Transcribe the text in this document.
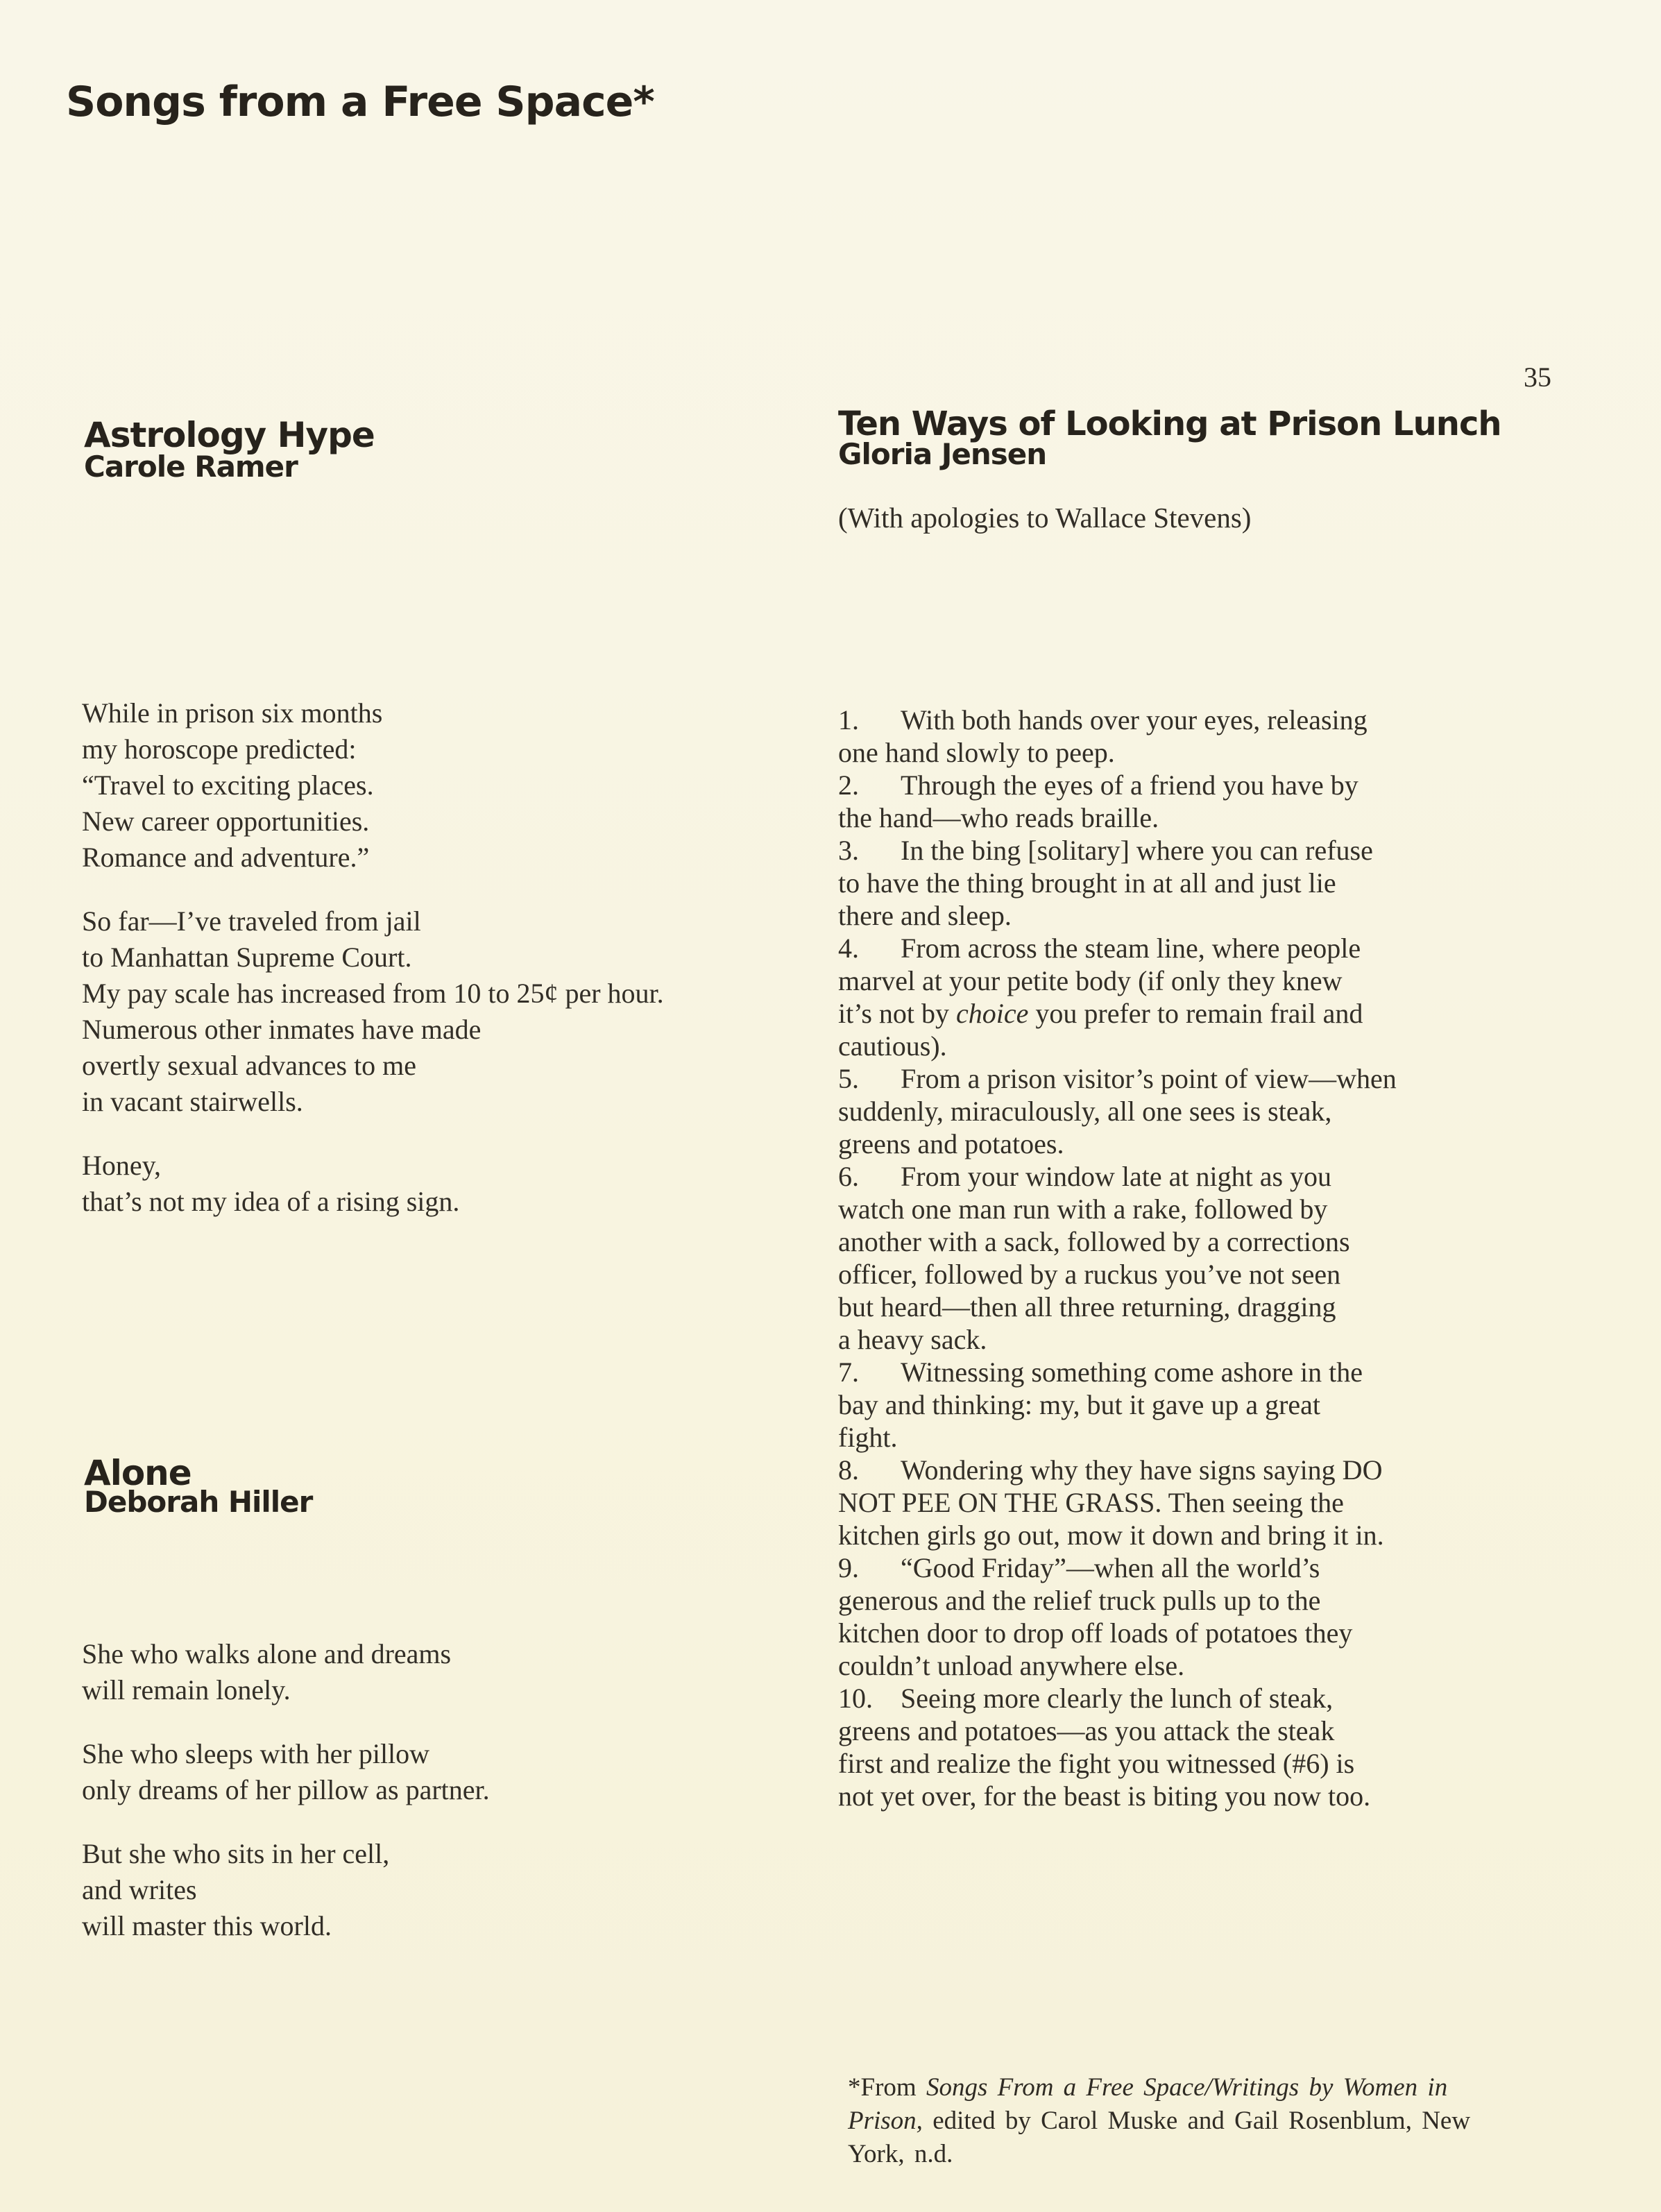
Songs from a Free Space*
35
Astrology Hype
Carole Ramer
While in prison six months
my horoscope predicted:
“Travel to exciting places.
New career opportunities.
Romance and adventure.”
So far—I’ve traveled from jail
to Manhattan Supreme Court.
My pay scale has increased from 10 to 25¢ per hour.
Numerous other inmates have made
overtly sexual advances to me
in vacant stairwells.
Honey,
that’s not my idea of a rising sign.
Alone
Deborah Hiller
She who walks alone and dreams
will remain lonely.
She who sleeps with her pillow
only dreams of her pillow as partner.
But she who sits in her cell,
and writes
will master this world.
Ten Ways of Looking at Prison Lunch
Gloria Jensen
(With apologies to Wallace Stevens)
1.  With both hands over your eyes, releasing
one hand slowly to peep.
2.  Through the eyes of a friend you have by
the hand—who reads braille.
3.  In the bing [solitary] where you can refuse
to have the thing brought in at all and just lie
there and sleep.
4.  From across the steam line, where people
marvel at your petite body (if only they knew
it’s not by choice you prefer to remain frail and
cautious).
5.  From a prison visitor’s point of view—when
suddenly, miraculously, all one sees is steak,
greens and potatoes.
6.  From your window late at night as you
watch one man run with a rake, followed by
another with a sack, followed by a corrections
officer, followed by a ruckus you’ve not seen
but heard—then all three returning, dragging
a heavy sack.
7.  Witnessing something come ashore in the
bay and thinking: my, but it gave up a great
fight.
8.  Wondering why they have signs saying DO
NOT PEE ON THE GRASS. Then seeing the
kitchen girls go out, mow it down and bring it in.
9.  “Good Friday”—when all the world’s
generous and the relief truck pulls up to the
kitchen door to drop off loads of potatoes they
couldn’t unload anywhere else.
10.  Seeing more clearly the lunch of steak,
greens and potatoes—as you attack the steak
first and realize the fight you witnessed (#6) is
not yet over, for the beast is biting you now too.
*From Songs From a Free Space/Writings by Women in
Prison, edited by Carol Muske and Gail Rosenblum, New
York, n.d.
